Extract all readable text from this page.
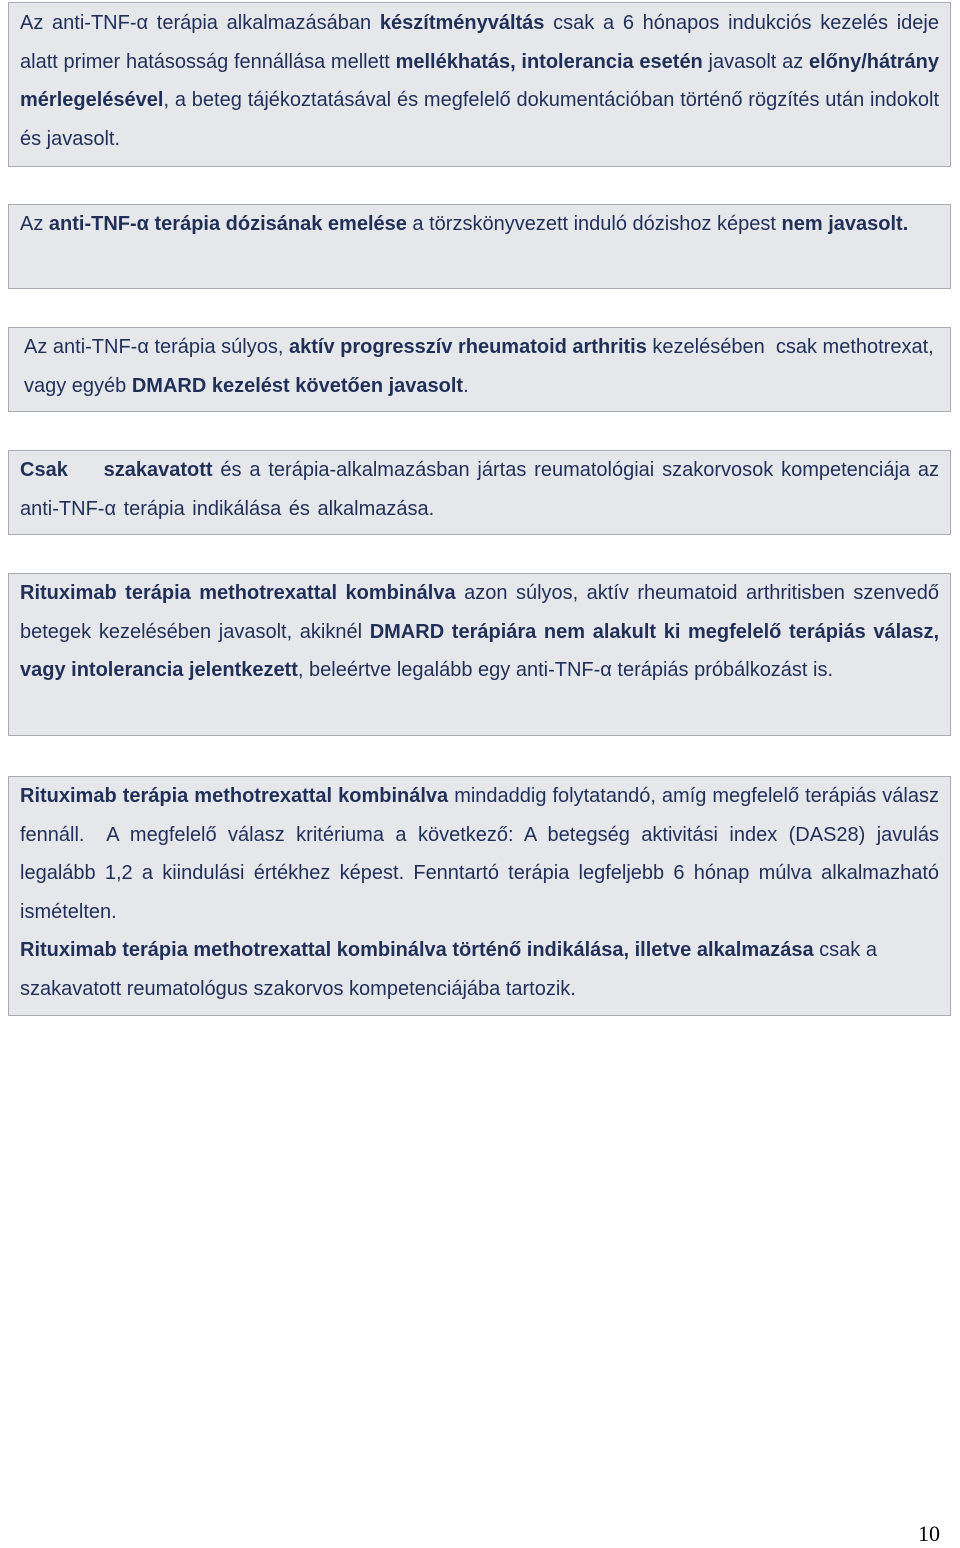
Az anti-TNF-α terápia alkalmazásában készítményváltás csak a 6 hónapos indukciós kezelés ideje alatt primer hatásosság fennállása mellett mellékhatás, intolerancia esetén javasolt az előny/hátrány mérlegelésével, a beteg tájékoztatásával és megfelelő dokumentációban történő rögzítés után indokolt és javasolt.

Az anti-TNF-α terápia dózisának emelése a törzskönyvezett induló dózishoz képest nem javasolt.

Az anti-TNF-α terápia súlyos, aktív progresszív rheumatoid arthritis kezelésében  csak methotrexat, vagy egyéb DMARD kezelést követően javasolt.

Csak szakavatott és a terápia-alkalmazásban jártas reumatológiai szakorvosok kompetenciája az anti-TNF-α terápia indikálása és alkalmazása.

Rituximab terápia methotrexattal kombinálva azon súlyos, aktív rheumatoid arthritisben szenvedő betegek kezelésében javasolt, akiknél DMARD terápiára nem alakult ki megfelelő terápiás válasz, vagy intolerancia jelentkezett, beleértve legalább egy anti-TNF-α terápiás próbálkozást is.

Rituximab terápia methotrexattal kombinálva mindaddig folytatandó, amíg megfelelő terápiás válasz fennáll.  A megfelelő válasz kritériuma a következő: A betegség aktivitási index (DAS28) javulás legalább 1,2 a kiindulási értékhez képest. Fenntartó terápia legfeljebb 6 hónap múlva alkalmazható ismételten.

Rituximab terápia methotrexattal kombinálva történő indikálása, illetve alkalmazása csak a szakavatott reumatológus szakorvos kompetenciájába tartozik.

10
